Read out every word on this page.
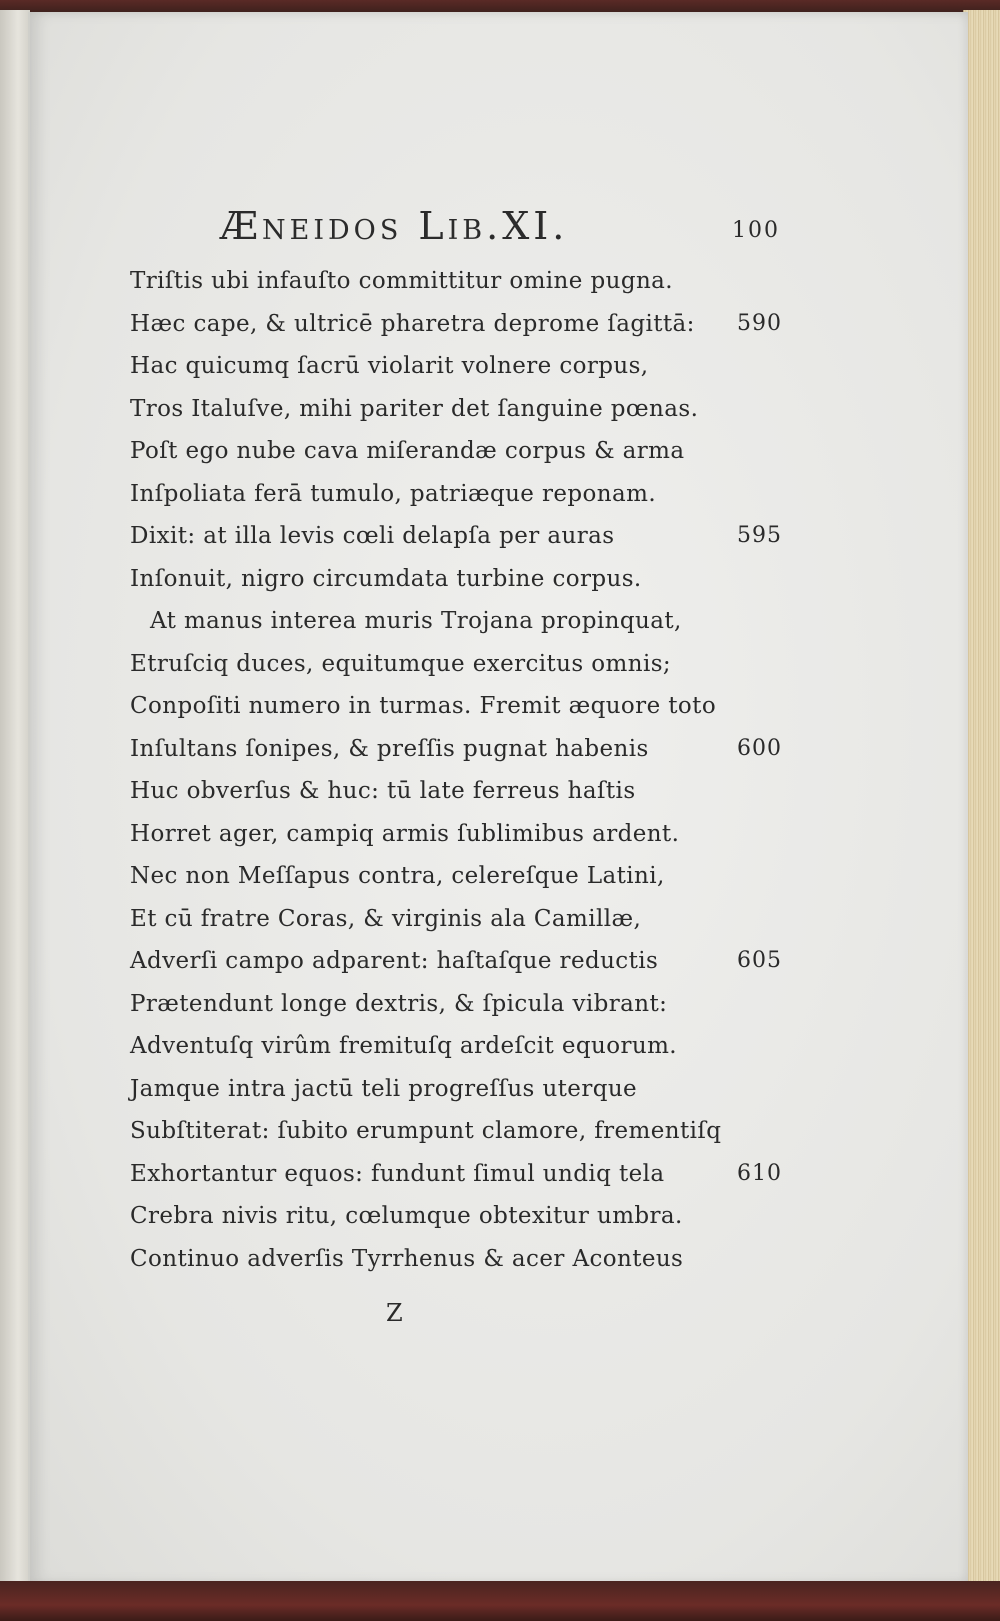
Æneidos Lib.XI.	100
Triſtis ubi infauſto committitur omine pugna.
Hæc cape, & ultricē pharetra deprome ſagittā: 590
Hac quicumq ſacrū violarit volnere corpus,
Tros Italuſve, mihi pariter det ſanguine pœnas.
Poſt ego nube cava miſerandæ corpus & arma
Inſpoliata ferā tumulo, patriæque reponam.
Dixit: at illa levis cœli delapſa per auras	595
Inſonuit, nigro circumdata turbine corpus.
At manus interea muris Trojana propinquat,
Etruſciq duces, equitumque exercitus omnis;
Conpoſiti numero in turmas. Fremit æquore toto
Inſultans ſonipes, & preſſis pugnat habenis	600
Huc obverſus & huc: tū late ferreus haſtis
Horret ager, campiq armis ſublimibus ardent.
Nec non Meſſapus contra, celereſque Latini,
Et cū fratre Coras, & virginis ala Camillæ,
Adverſi campo adparent: haſtaſque reductis	605
Prætendunt longe dextris, & ſpicula vibrant:
Adventuſq virûm fremituſq ardeſcit equorum.
Jamque intra jactū teli progreſſus uterque
Subſtiterat: ſubito erumpunt clamore, frementiſq
Exhortantur equos: fundunt ſimul undiq tela	610
Crebra nivis ritu, cœlumque obtexitur umbra.
Continuo adverſis Tyrrhenus & acer Aconteus
Z
